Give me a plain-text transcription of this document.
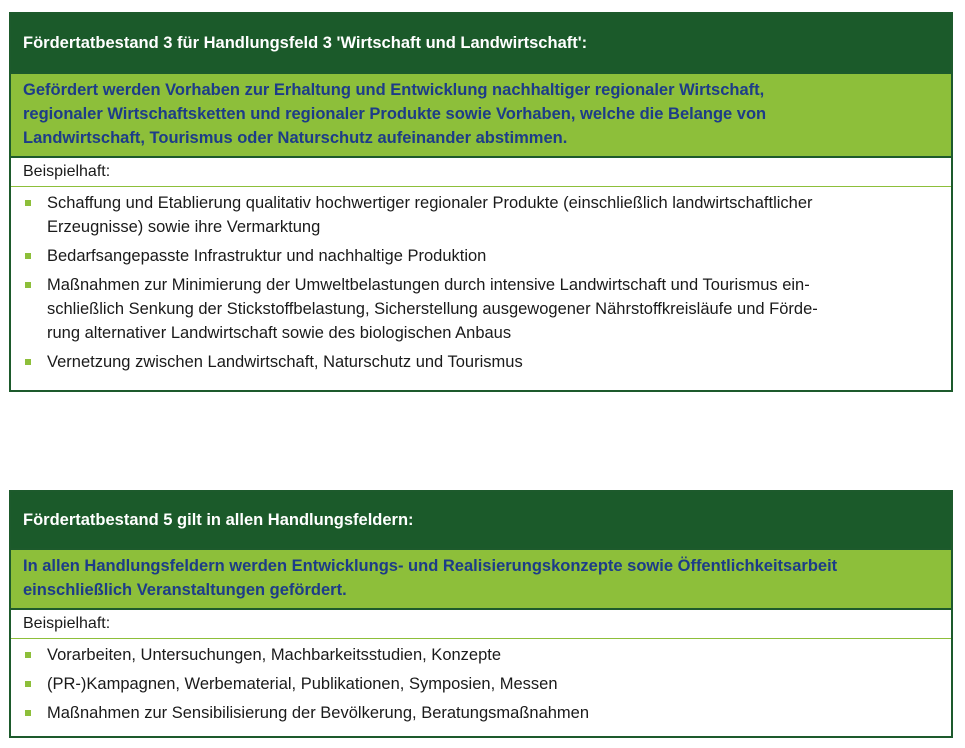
Fördertatbestand 3 für Handlungsfeld 3 'Wirtschaft und Landwirtschaft':
Gefördert werden Vorhaben zur Erhaltung und Entwicklung nachhaltiger regionaler Wirtschaft,
regionaler Wirtschaftsketten und regionaler Produkte sowie Vorhaben, welche die Belange von
Landwirtschaft, Tourismus oder Naturschutz aufeinander abstimmen.
Beispielhaft:
Schaffung und Etablierung qualitativ hochwertiger regionaler Produkte (einschließlich landwirtschaftlicher
Erzeugnisse) sowie ihre Vermarktung
Bedarfsangepasste Infrastruktur und nachhaltige Produktion
Maßnahmen zur Minimierung der Umweltbelastungen durch intensive Landwirtschaft und Tourismus ein-
schließlich Senkung der Stickstoffbelastung, Sicherstellung ausgewogener Nährstoffkreisläufe und Förde-
rung alternativer Landwirtschaft sowie des biologischen Anbaus
Vernetzung zwischen Landwirtschaft, Naturschutz und Tourismus
Fördertatbestand 5 gilt in allen Handlungsfeldern:
In allen Handlungsfeldern werden Entwicklungs- und Realisierungskonzepte sowie Öffentlichkeitsarbeit
einschließlich Veranstaltungen gefördert.
Beispielhaft:
Vorarbeiten, Untersuchungen, Machbarkeitsstudien, Konzepte
(PR-)Kampagnen, Werbematerial, Publikationen, Symposien, Messen
Maßnahmen zur Sensibilisierung der Bevölkerung, Beratungsmaßnahmen
